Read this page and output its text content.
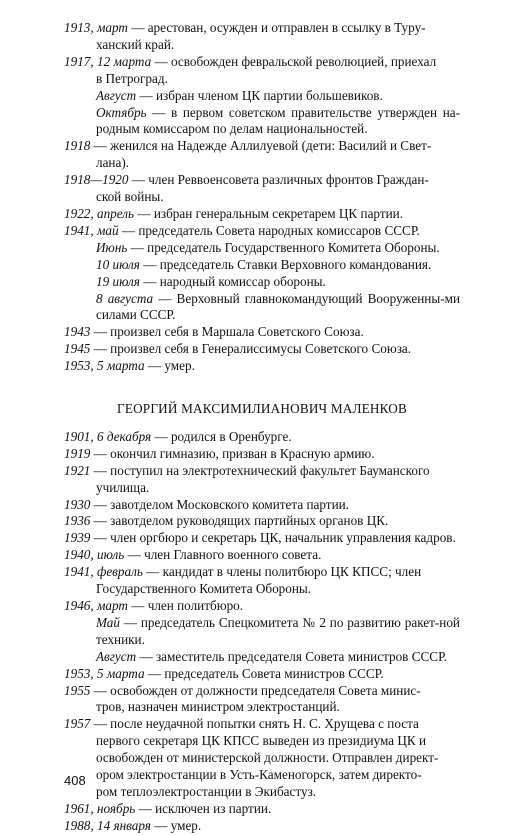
1913, март — арестован, осужден и отправлен в ссылку в Туру-
ханский край.
1917, 12 марта — освобожден февральской революцией, приехал
в Петроград.
Август — избран членом ЦК партии большевиков.
Октябрь — в первом советском правительстве утвержден на-родным комиссаром по делам национальностей.
1918 — женился на Надежде Аллилуевой (дети: Василий и Свет-
лана).
1918—1920 — член Реввоенсовета различных фронтов Граждан-
ской войны.
1922, апрель — избран генеральным секретарем ЦК партии.
1941, май — председатель Совета народных комиссаров СССР.
Июнь — председатель Государственного Комитета Обороны.
10 июля — председатель Ставки Верховного командования.
19 июля — народный комиссар обороны.
8 августа — Верховный главнокомандующий Вооруженны-ми силами СССР.
1943 — произвел себя в Маршала Советского Союза.
1945 — произвел себя в Генералиссимусы Советского Союза.
1953, 5 марта — умер.
ГЕОРГИЙ МАКСИМИЛИАНОВИЧ МАЛЕНКОВ
1901, 6 декабря — родился в Оренбурге.
1919 — окончил гимназию, призван в Красную армию.
1921 — поступил на электротехнический факультет Бауманского
училища.
1930 — завотделом Московского комитета партии.
1936 — завотделом руководящих партийных органов ЦК.
1939 — член оргбюро и секретарь ЦК, начальник управления кадров.
1940, июль — член Главного военного совета.
1941, февраль — кандидат в члены политбюро ЦК КПСС; член
Государственного Комитета Обороны.
1946, март — член политбюро.
Май — председатель Спецкомитета № 2 по развитию ракет-ной техники.
Август — заместитель председателя Совета министров СССР.
1953, 5 марта — председатель Совета министров СССР.
1955 — освобожден от должности председателя Совета минис-
тров, назначен министром электростанций.
1957 — после неудачной попытки снять Н. С. Хрущева с поста
первого секретаря ЦК КПСС выведен из президиума ЦК и
освобожден от министерской должности. Отправлен директ-
ором электростанции в Усть-Каменогорск, затем директо-
ром теплоэлектростанции в Экибастуз.
1961, ноябрь — исключен из партии.
1988, 14 января — умер.
408
